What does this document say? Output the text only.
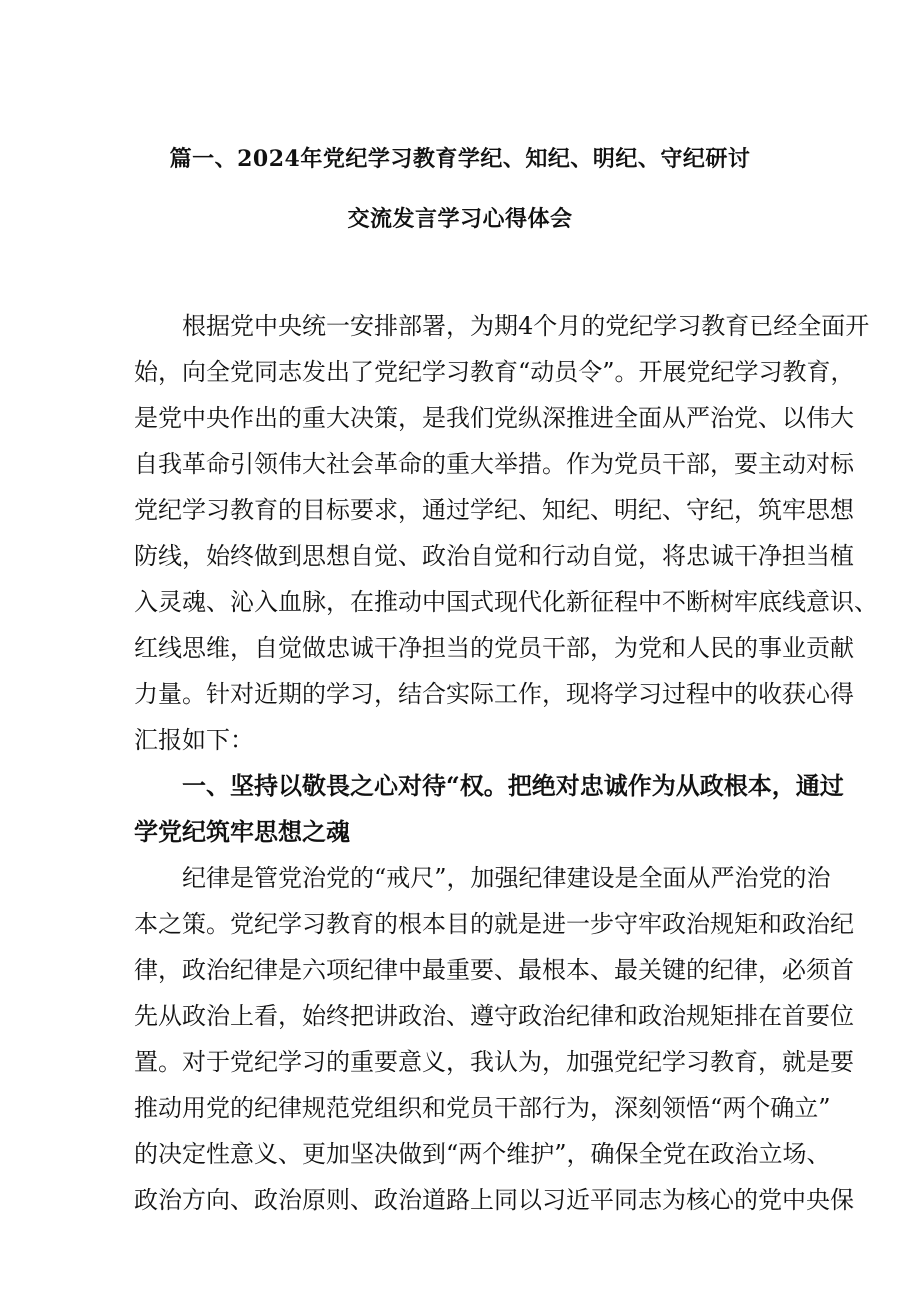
篇一、2024年党纪学习教育学纪、知纪、明纪、守纪研讨
交流发言学习心得体会
根据党中央统一安排部署，为期4个月的党纪学习教育已经全面开
始，向全党同志发出了党纪学习教育“动员令”。开展党纪学习教育，
是党中央作出的重大决策，是我们党纵深推进全面从严治党、以伟大
自我革命引领伟大社会革命的重大举措。作为党员干部，要主动对标
党纪学习教育的目标要求，通过学纪、知纪、明纪、守纪，筑牢思想
防线，始终做到思想自觉、政治自觉和行动自觉，将忠诚干净担当植
入灵魂、沁入血脉，在推动中国式现代化新征程中不断树牢底线意识、
红线思维，自觉做忠诚干净担当的党员干部，为党和人民的事业贡献
力量。针对近期的学习，结合实际工作，现将学习过程中的收获心得
汇报如下：
一、坚持以敬畏之心对待“权。把绝对忠诚作为从政根本，通过
学党纪筑牢思想之魂
纪律是管党治党的“戒尺”，加强纪律建设是全面从严治党的治
本之策。党纪学习教育的根本目的就是进一步守牢政治规矩和政治纪
律，政治纪律是六项纪律中最重要、最根本、最关键的纪律，必须首
先从政治上看，始终把讲政治、遵守政治纪律和政治规矩排在首要位
置。对于党纪学习的重要意义，我认为，加强党纪学习教育，就是要
推动用党的纪律规范党组织和党员干部行为，深刻领悟“两个确立”
的决定性意义、更加坚决做到“两个维护”，确保全党在政治立场、
政治方向、政治原则、政治道路上同以习近平同志为核心的党中央保
